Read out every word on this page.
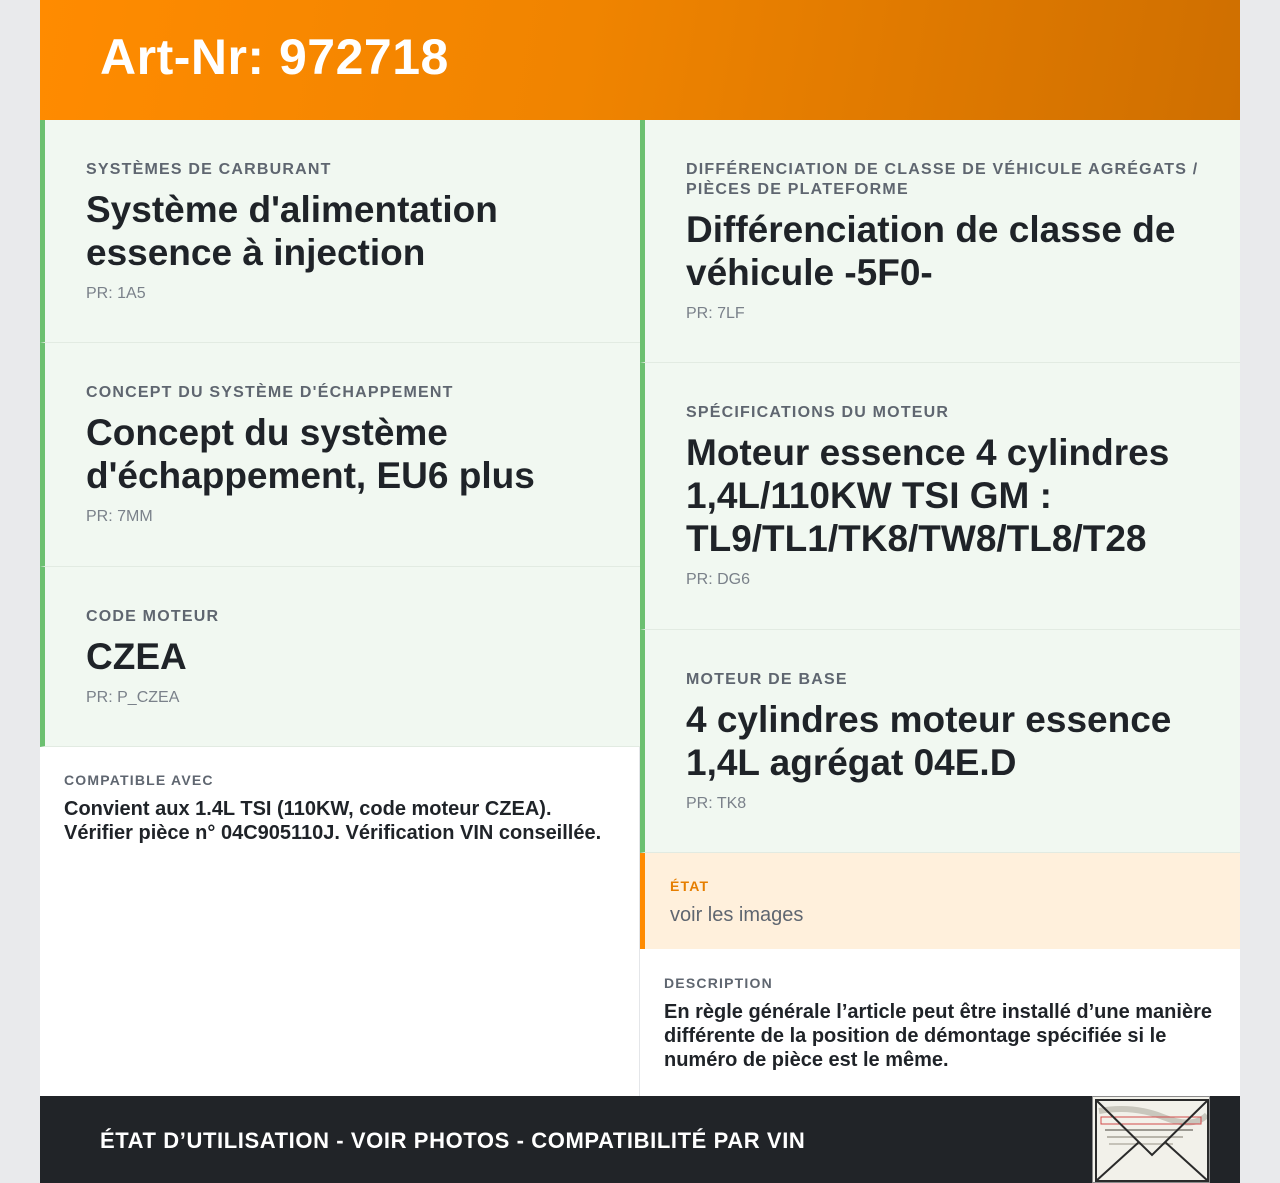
Art-Nr: 972718
SYSTÈMES DE CARBURANT
Système d'alimentation essence à injection
PR: 1A5
CONCEPT DU SYSTÈME D'ÉCHAPPEMENT
Concept du système d'échappement, EU6 plus
PR: 7MM
CODE MOTEUR
CZEA
PR: P_CZEA
COMPATIBLE AVEC
Convient aux 1.4L TSI (110KW, code moteur CZEA). Vérifier pièce n° 04C905110J. Vérification VIN conseillée.
DIFFÉRENCIATION DE CLASSE DE VÉHICULE AGRÉGATS / PIÈCES DE PLATEFORME
Différenciation de classe de véhicule -5F0-
PR: 7LF
SPÉCIFICATIONS DU MOTEUR
Moteur essence 4 cylindres 1,4L/110KW TSI GM : TL9/TL1/TK8/TW8/TL8/T28
PR: DG6
MOTEUR DE BASE
4 cylindres moteur essence 1,4L agrégat 04E.D
PR: TK8
ÉTAT
voir les images
DESCRIPTION
En règle générale l’article peut être installé d’une manière différente de la position de démontage spécifiée si le numéro de pièce est le même.
ÉTAT D’UTILISATION - VOIR PHOTOS - COMPATIBILITÉ PAR VIN
